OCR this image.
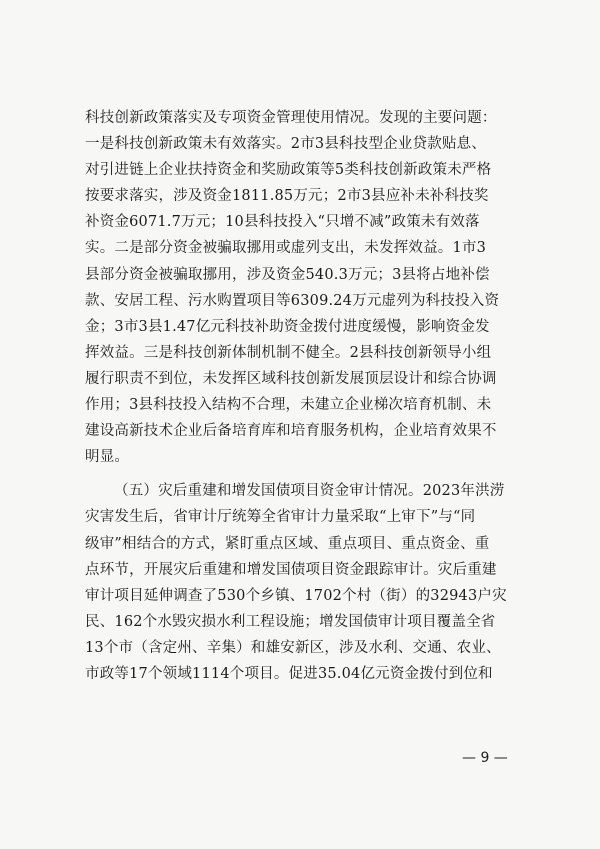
科技创新政策落实及专项资金管理使用情况。发现的主要问题：
一是科技创新政策未有效落实。2市3县科技型企业贷款贴息、
对引进链上企业扶持资金和奖励政策等5类科技创新政策未严格
按要求落实，涉及资金1811.85万元；2市3县应补未补科技奖
补资金6071.7万元；10县科技投入“只增不减”政策未有效落
实。二是部分资金被骗取挪用或虚列支出，未发挥效益。1市3
县部分资金被骗取挪用，涉及资金540.3万元；3县将占地补偿
款、安居工程、污水购置项目等6309.24万元虚列为科技投入资
金；3市3县1.47亿元科技补助资金拨付进度缓慢，影响资金发
挥效益。三是科技创新体制机制不健全。2县科技创新领导小组
履行职责不到位，未发挥区域科技创新发展顶层设计和综合协调
作用；3县科技投入结构不合理，未建立企业梯次培育机制、未
建设高新技术企业后备培育库和培育服务机构，企业培育效果不
明显。
（五）灾后重建和增发国债项目资金审计情况。2023年洪涝
灾害发生后，省审计厅统筹全省审计力量采取“上审下”与“同
级审”相结合的方式，紧盯重点区域、重点项目、重点资金、重
点环节，开展灾后重建和增发国债项目资金跟踪审计。灾后重建
审计项目延伸调查了530个乡镇、1702个村（街）的32943户灾
民、162个水毁灾损水利工程设施；增发国债审计项目覆盖全省
13个市（含定州、辛集）和雄安新区，涉及水利、交通、农业、
市政等17个领域1114个项目。促进35.04亿元资金拨付到位和
— 9 —
